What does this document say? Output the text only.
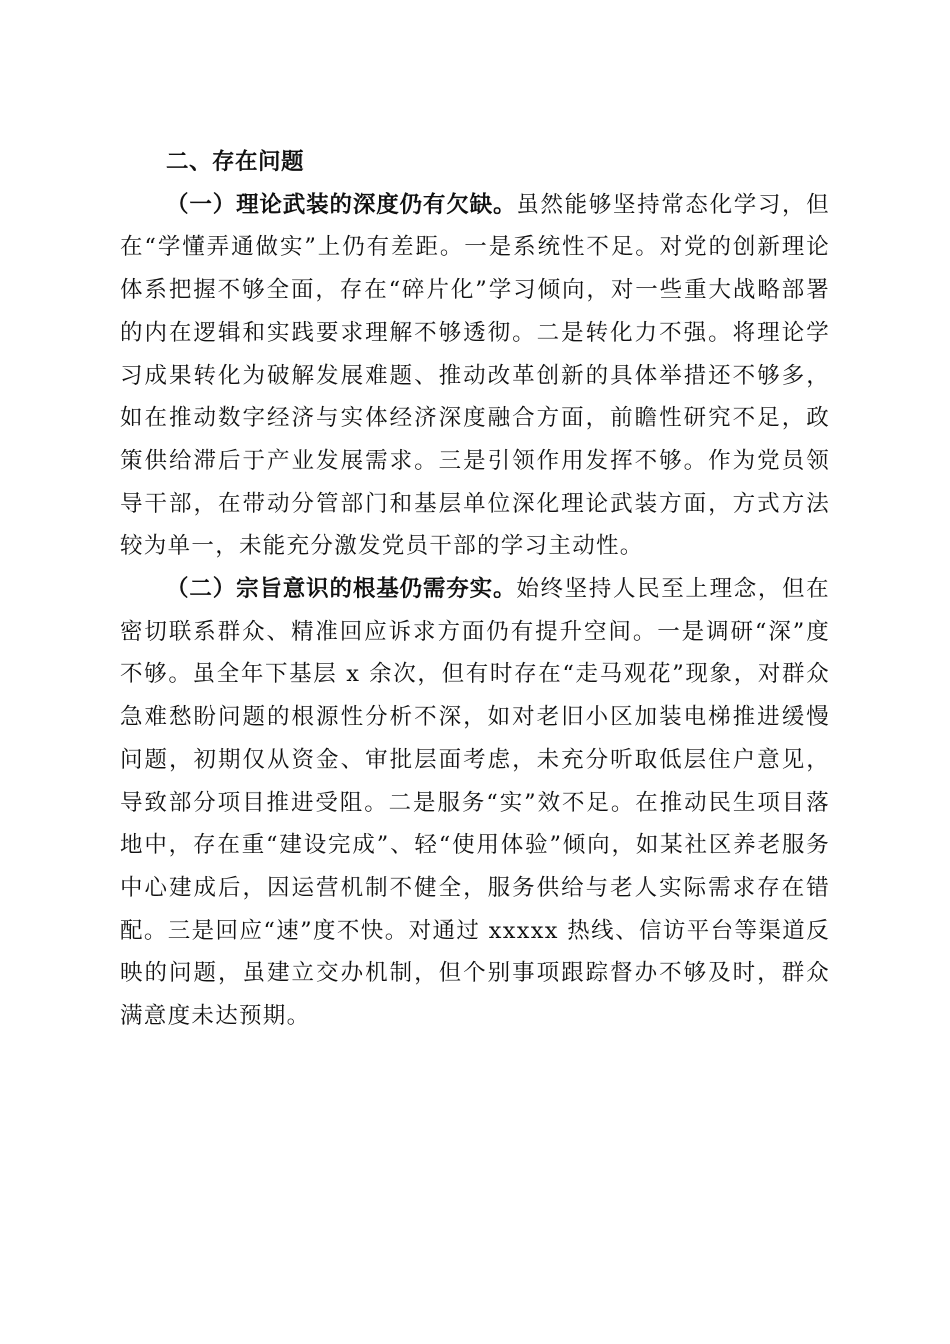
二、存在问题

（一）理论武装的深度仍有欠缺。虽然能够坚持常态化学习，但在“学懂弄通做实”上仍有差距。一是系统性不足。对党的创新理论体系把握不够全面，存在“碎片化”学习倾向，对一些重大战略部署的内在逻辑和实践要求理解不够透彻。二是转化力不强。将理论学习成果转化为破解发展难题、推动改革创新的具体举措还不够多，如在推动数字经济与实体经济深度融合方面，前瞻性研究不足，政策供给滞后于产业发展需求。三是引领作用发挥不够。作为党员领导干部，在带动分管部门和基层单位深化理论武装方面，方式方法较为单一，未能充分激发党员干部的学习主动性。

（二）宗旨意识的根基仍需夯实。始终坚持人民至上理念，但在密切联系群众、精准回应诉求方面仍有提升空间。一是调研“深”度不够。虽全年下基层 x 余次，但有时存在“走马观花”现象，对群众急难愁盼问题的根源性分析不深，如对老旧小区加装电梯推进缓慢问题，初期仅从资金、审批层面考虑，未充分听取低层住户意见，导致部分项目推进受阻。二是服务“实”效不足。在推动民生项目落地中，存在重“建设完成”、轻“使用体验”倾向，如某社区养老服务中心建成后，因运营机制不健全，服务供给与老人实际需求存在错配。三是回应“速”度不快。对通过 xxxxx 热线、信访平台等渠道反映的问题，虽建立交办机制，但个别事项跟踪督办不够及时，群众满意度未达预期。
